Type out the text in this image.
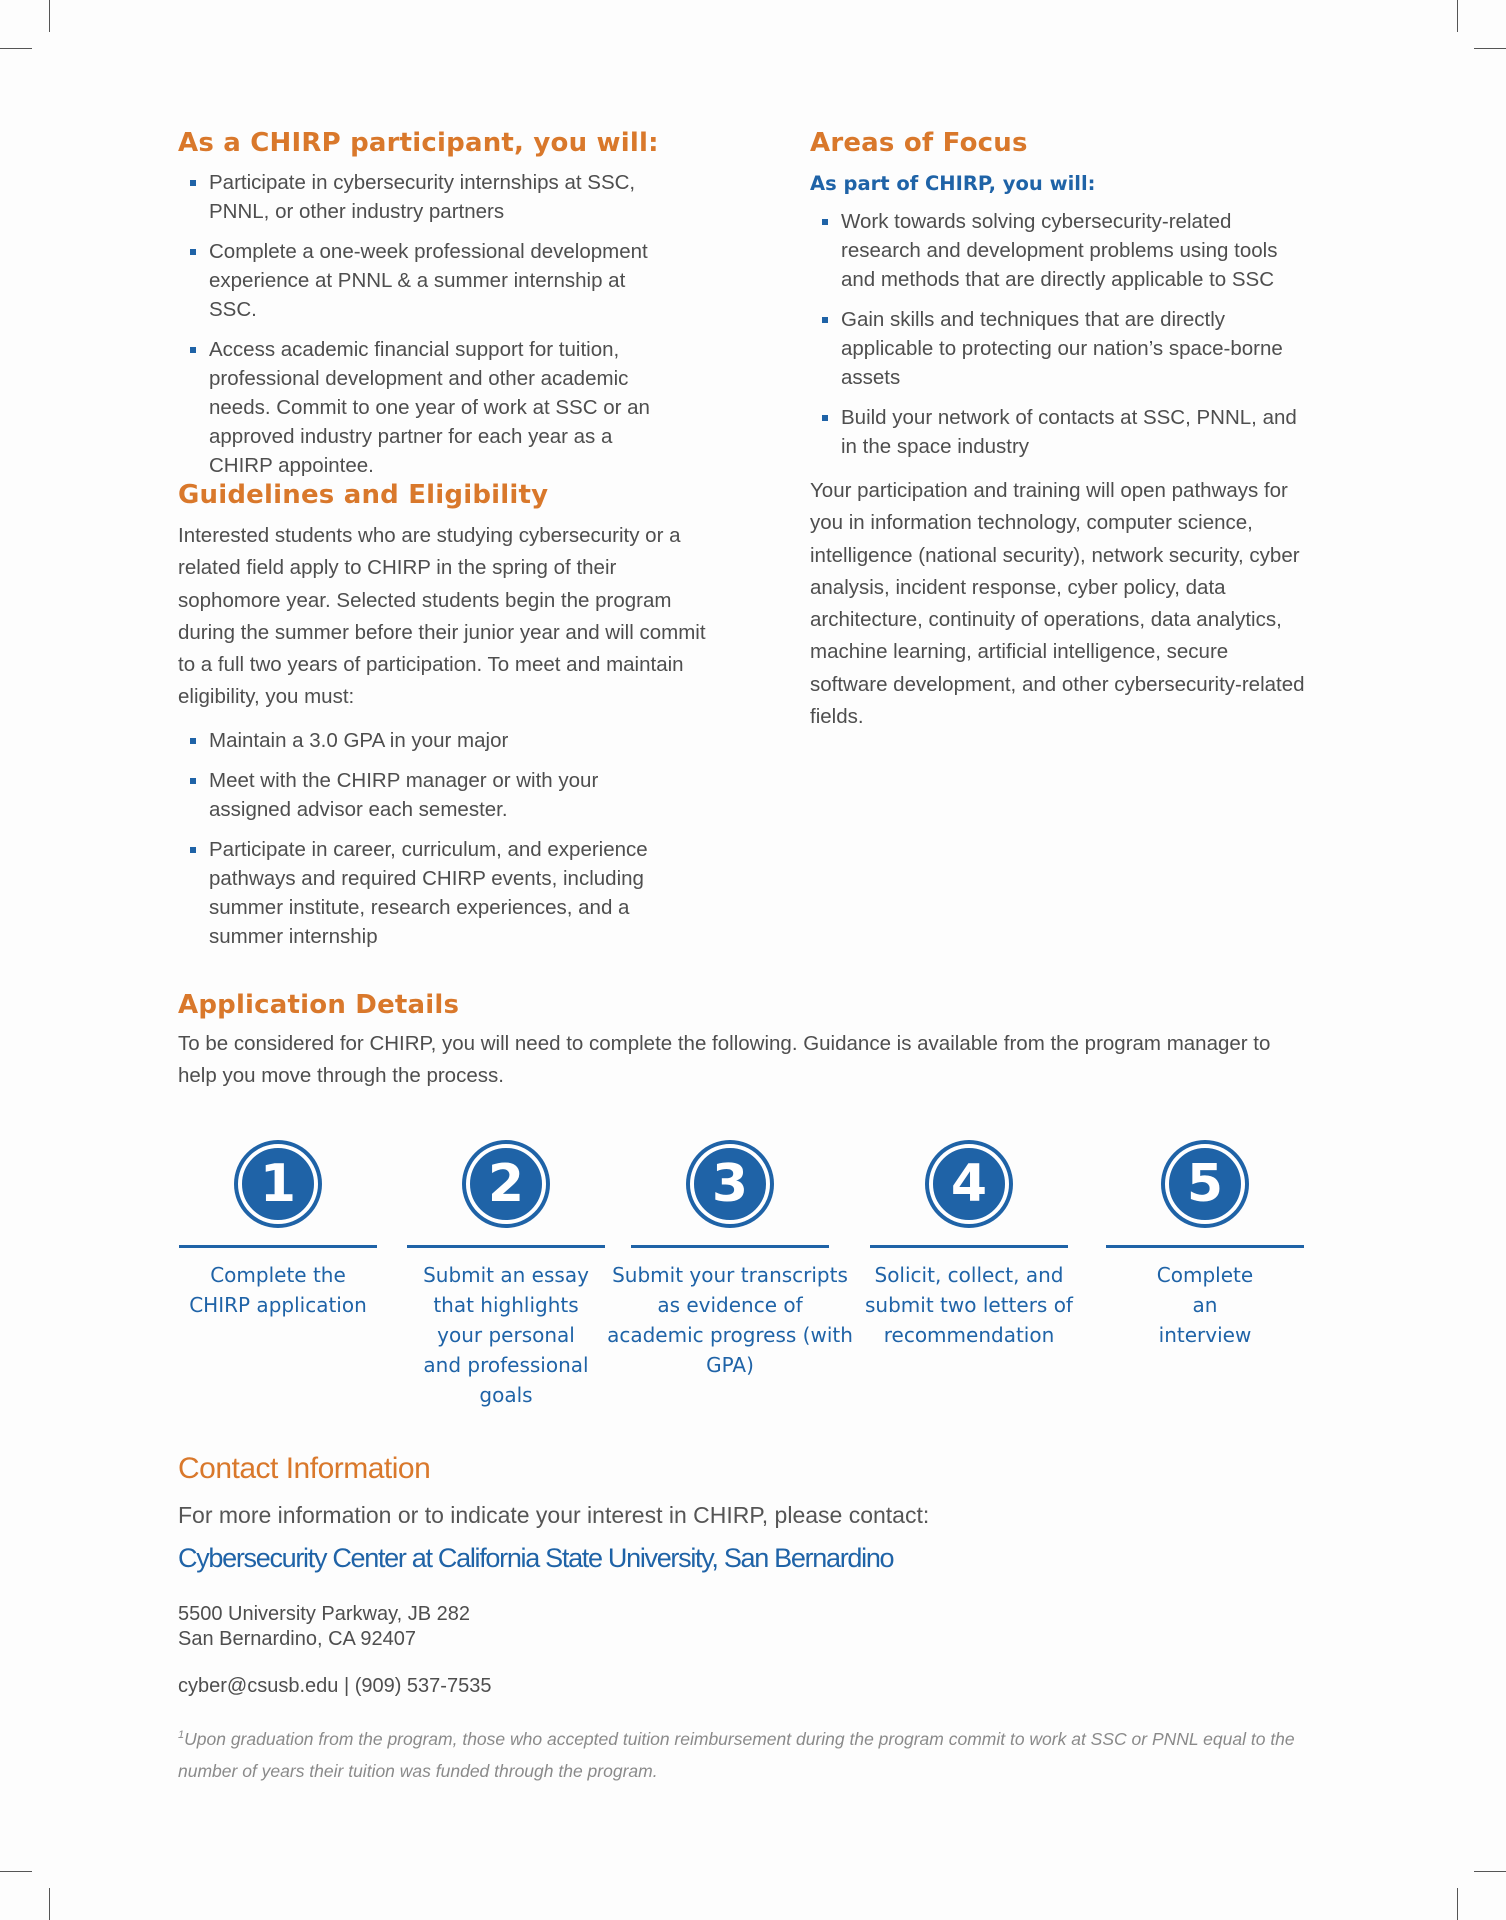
As a CHIRP participant, you will:
Participate in cybersecurity internships at SSC, PNNL, or other industry partners
Complete a one-week professional development experience at PNNL & a summer internship at SSC.
Access academic financial support for tuition, professional development and other academic needs. Commit to one year of work at SSC or an approved industry partner for each year as a CHIRP appointee.
Guidelines and Eligibility

Interested students who are studying cybersecurity or a related field apply to CHIRP in the spring of their sophomore year. Selected students begin the program during the summer before their junior year and will commit to a full two years of participation. To meet and maintain eligibility, you must:

Maintain a 3.0 GPA in your major
Meet with the CHIRP manager or with your assigned advisor each semester.
Participate in career, curriculum, and experience pathways and required CHIRP events, including summer institute, research experiences, and a summer internship
Areas of Focus
As part of CHIRP, you will:
Work towards solving cybersecurity-related research and development problems using tools and methods that are directly applicable to SSC
Gain skills and techniques that are directly applicable to protecting our nation’s space-borne assets
Build your network of contacts at SSC, PNNL, and in the space industry

Your participation and training will open pathways for you in information technology, computer science, intelligence (national security), network security, cyber analysis, incident response, cyber policy, data architecture, continuity of operations, data analytics, machine learning, artificial intelligence, secure software development, and other cybersecurity-related fields.

Application Details

To be considered for CHIRP, you will need to complete the following. Guidance is available from the program manager to help you move through the process.

1
Complete the CHIRP application
2
Submit an essay that highlights your personal and professional goals
3
Submit your transcripts as evidence of academic progress (with GPA)
4
Solicit, collect, and submit two letters of recommendation
5
Complete an interview
Contact Information

For more information or to indicate your interest in CHIRP, please contact:

Cybersecurity Center at California State University, San Bernardino

5500 University Parkway, JB 282

San Bernardino, CA 92407

cyber@csusb.edu | (909) 537-7535

$^1$Upon graduation from the program, those who accepted tuition reimbursement during the program commit to work at SSC or PNNL equal to the number of years their tuition was funded through the program.
